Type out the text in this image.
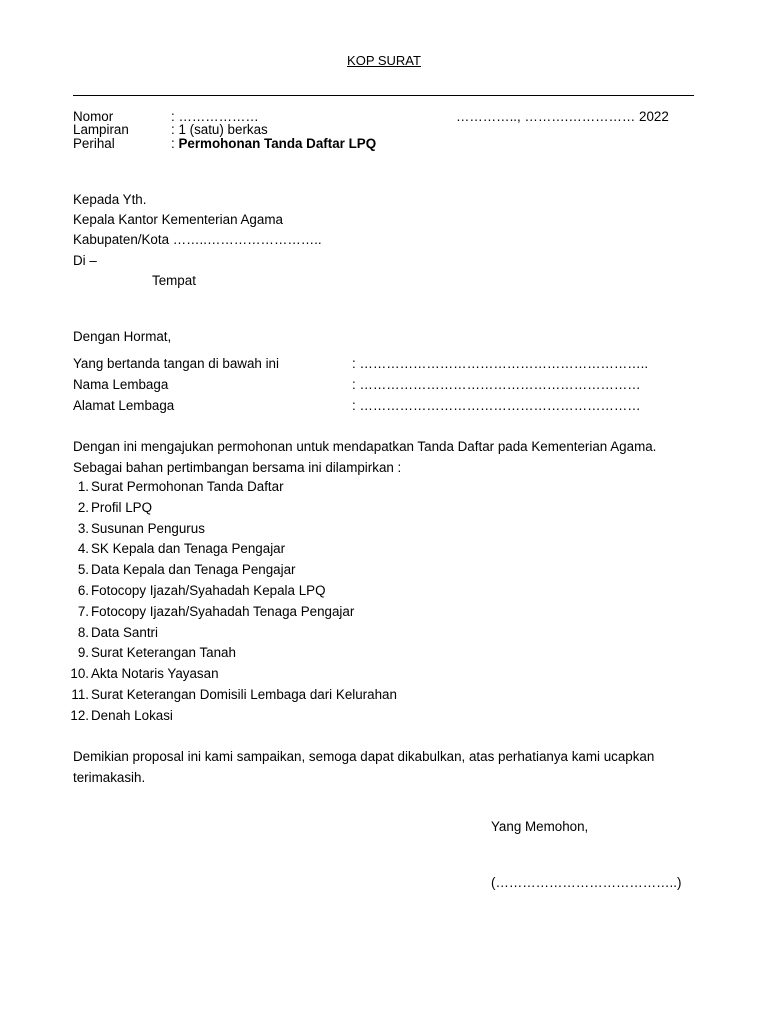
KOP SURAT
Nomor	: ………………	………….., ……….…………… 2022
Lampiran	: 1 (satu) berkas
Perihal	: Permohonan Tanda Daftar LPQ
Kepada Yth.
Kepala Kantor Kementerian Agama
Kabupaten/Kota ……..……………………..
Di –
Tempat
Dengan Hormat,
Yang bertanda tangan di bawah ini	: ………………………………………………………..
Nama Lembaga	: ………………………………………………………
Alamat Lembaga	: ………………………………………………………
Dengan ini mengajukan permohonan untuk mendapatkan Tanda Daftar pada Kementerian Agama.
Sebagai bahan pertimbangan bersama ini dilampirkan :
1. Surat Permohonan Tanda Daftar
2. Profil LPQ
3. Susunan Pengurus
4. SK Kepala dan Tenaga Pengajar
5. Data Kepala dan Tenaga Pengajar
6. Fotocopy Ijazah/Syahadah Kepala LPQ
7. Fotocopy Ijazah/Syahadah Tenaga Pengajar
8. Data Santri
9. Surat Keterangan Tanah
10. Akta Notaris Yayasan
11. Surat Keterangan Domisili Lembaga dari Kelurahan
12. Denah Lokasi
Demikian proposal ini kami sampaikan, semoga dapat dikabulkan, atas perhatianya kami ucapkan
terimakasih.
Yang Memohon,
(…………………………………..)
